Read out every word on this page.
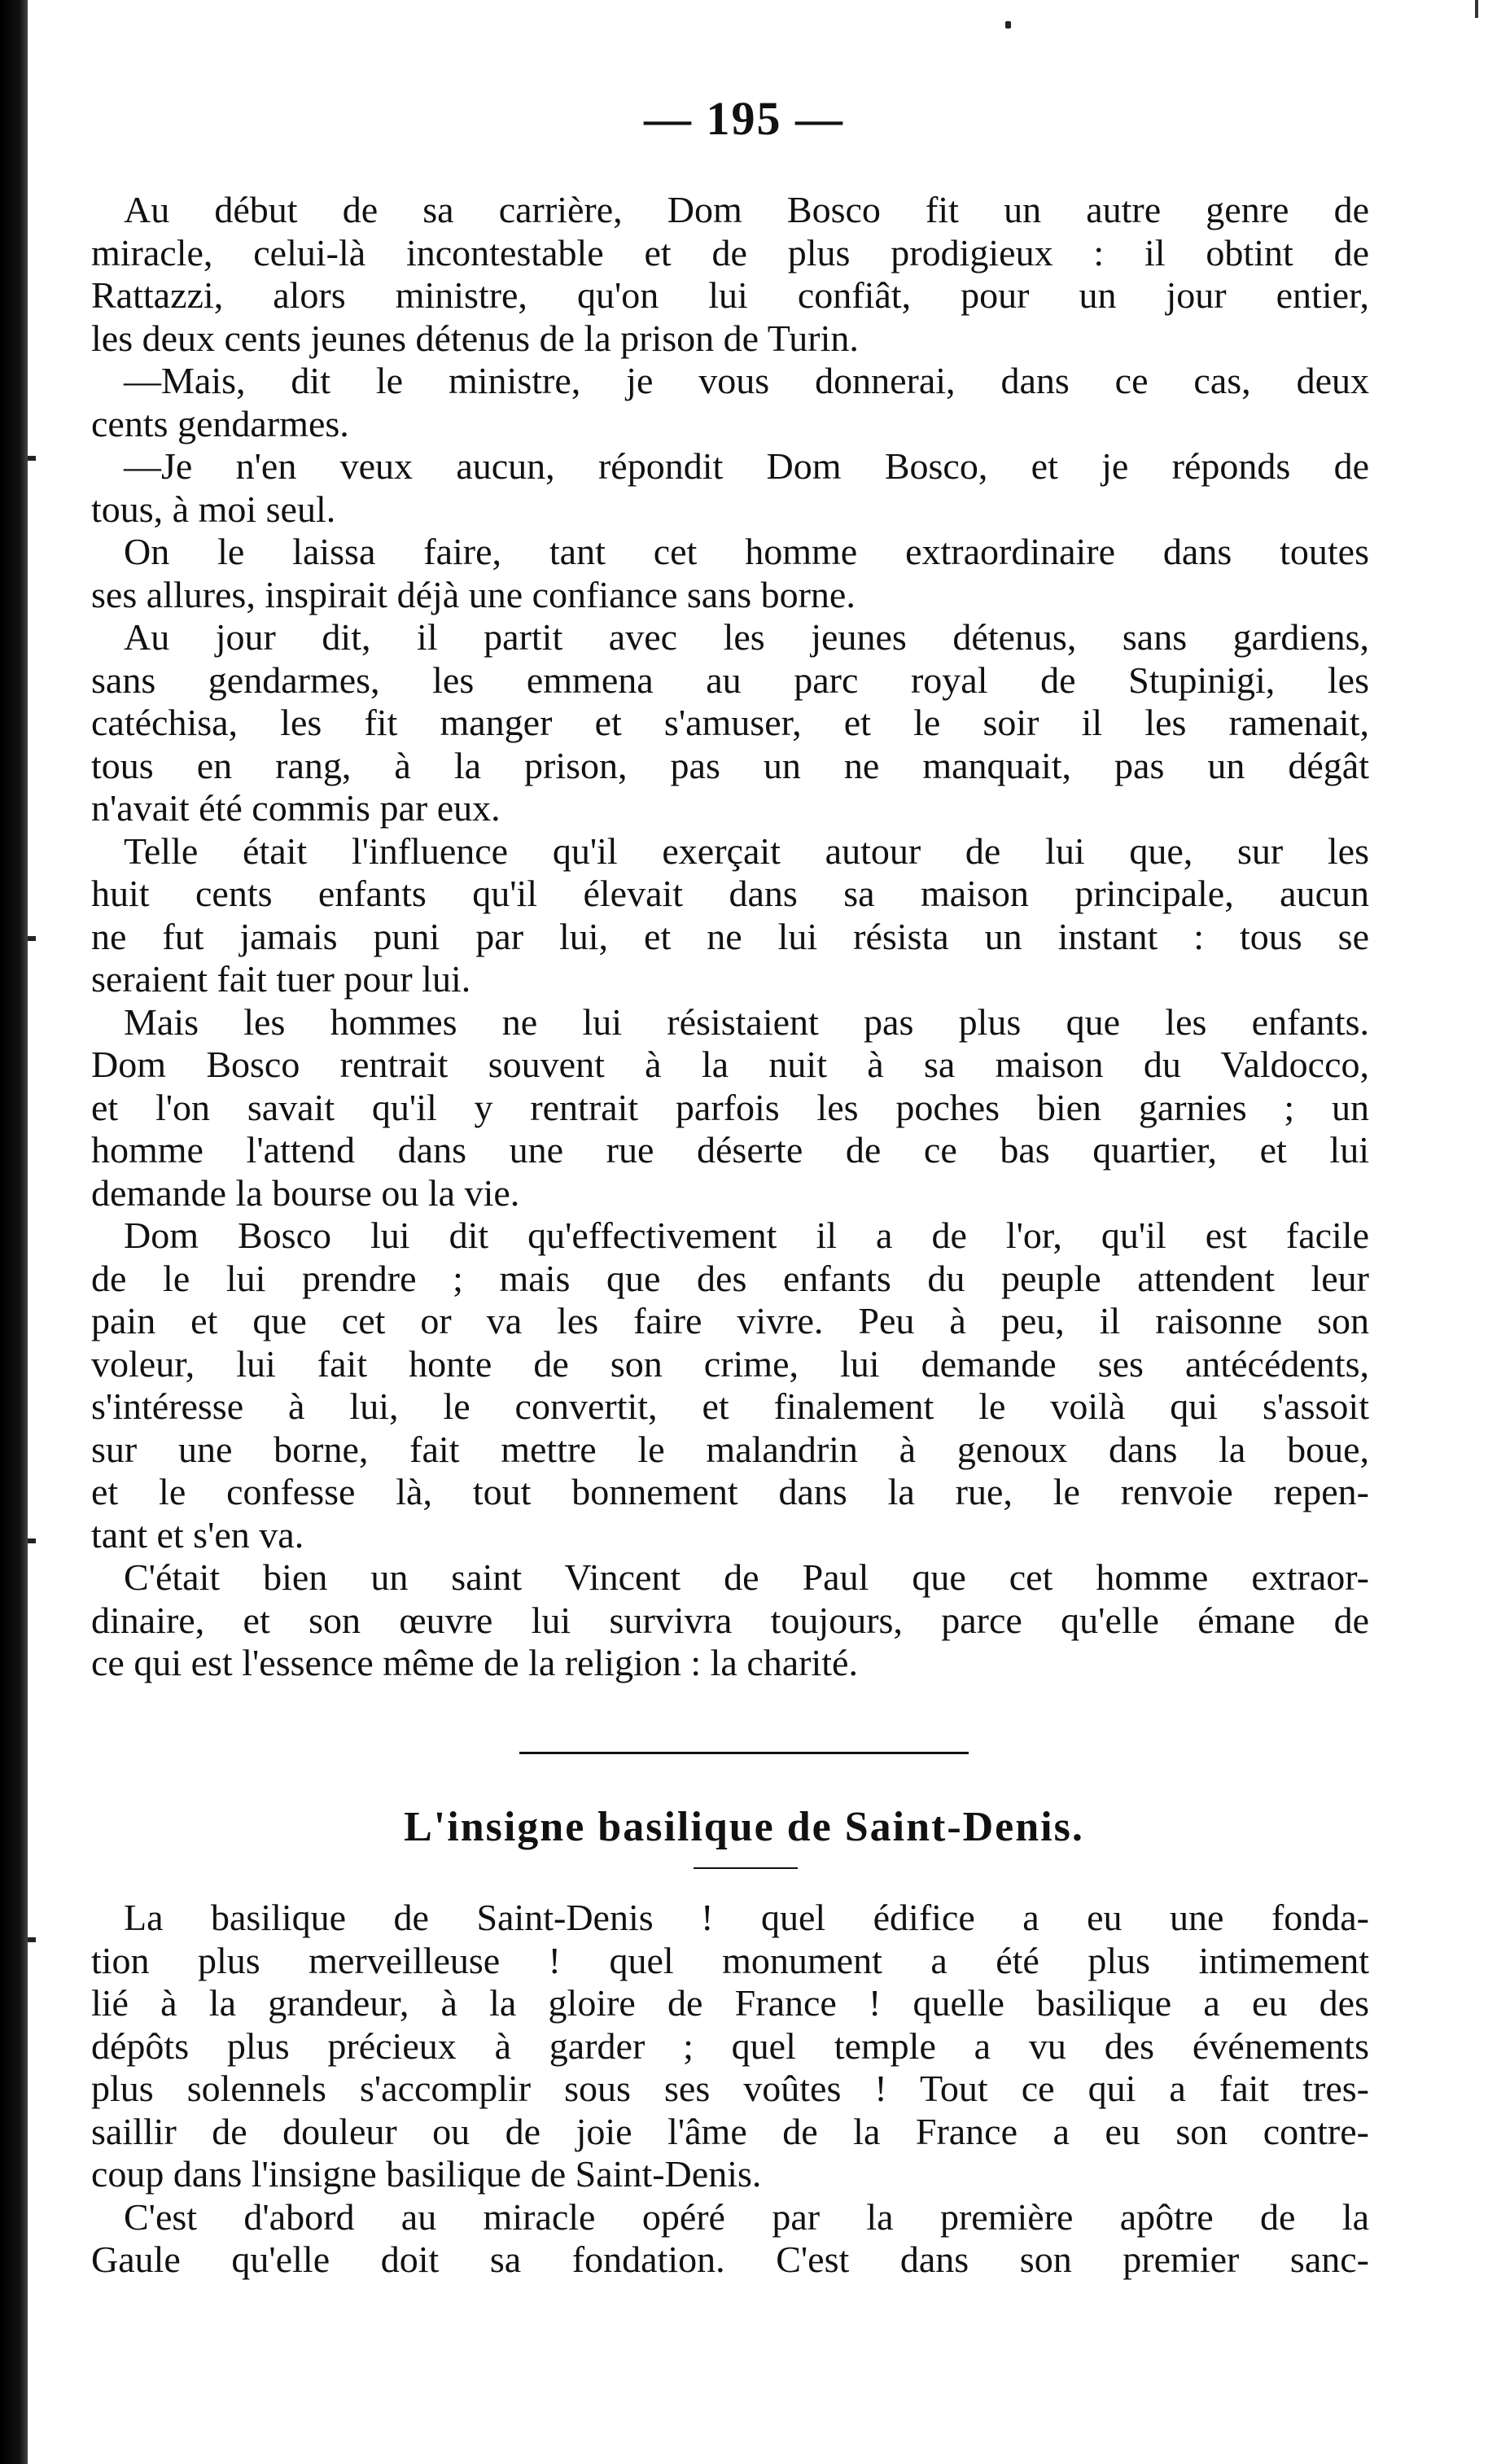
— 195 —
Au début de sa carrière, Dom Bosco fit un autre genre de
miracle, celui-là incontestable et de plus prodigieux : il obtint de
Rattazzi, alors ministre, qu'on lui confiât, pour un jour entier,
les deux cents jeunes détenus de la prison de Turin.
—Mais, dit le ministre, je vous donnerai, dans ce cas, deux
cents gendarmes.
—Je n'en veux aucun, répondit Dom Bosco, et je réponds de
tous, à moi seul.
On le laissa faire, tant cet homme extraordinaire dans toutes
ses allures, inspirait déjà une confiance sans borne.
Au jour dit, il partit avec les jeunes détenus, sans gardiens,
sans gendarmes, les emmena au parc royal de Stupinigi, les
catéchisa, les fit manger et s'amuser, et le soir il les ramenait,
tous en rang, à la prison, pas un ne manquait, pas un dégât
n'avait été commis par eux.
Telle était l'influence qu'il exerçait autour de lui que, sur les
huit cents enfants qu'il élevait dans sa maison principale, aucun
ne fut jamais puni par lui, et ne lui résista un instant : tous se
seraient fait tuer pour lui.
Mais les hommes ne lui résistaient pas plus que les enfants.
Dom Bosco rentrait souvent à la nuit à sa maison du Valdocco,
et l'on savait qu'il y rentrait parfois les poches bien garnies ; un
homme l'attend dans une rue déserte de ce bas quartier, et lui
demande la bourse ou la vie.
Dom Bosco lui dit qu'effectivement il a de l'or, qu'il est facile
de le lui prendre ; mais que des enfants du peuple attendent leur
pain et que cet or va les faire vivre. Peu à peu, il raisonne son
voleur, lui fait honte de son crime, lui demande ses antécédents,
s'intéresse à lui, le convertit, et finalement le voilà qui s'assoit
sur une borne, fait mettre le malandrin à genoux dans la boue,
et le confesse là, tout bonnement dans la rue, le renvoie repen-
tant et s'en va.
C'était bien un saint Vincent de Paul que cet homme extraor-
dinaire, et son œuvre lui survivra toujours, parce qu'elle émane de
ce qui est l'essence même de la religion : la charité.
L'insigne basilique de Saint-Denis.
La basilique de Saint-Denis ! quel édifice a eu une fonda-
tion plus merveilleuse ! quel monument a été plus intimement
lié à la grandeur, à la gloire de France ! quelle basilique a eu des
dépôts plus précieux à garder ; quel temple a vu des événements
plus solennels s'accomplir sous ses voûtes ! Tout ce qui a fait tres-
saillir de douleur ou de joie l'âme de la France a eu son contre-
coup dans l'insigne basilique de Saint-Denis.
C'est d'abord au miracle opéré par la première apôtre de la
Gaule qu'elle doit sa fondation. C'est dans son premier sanc-
